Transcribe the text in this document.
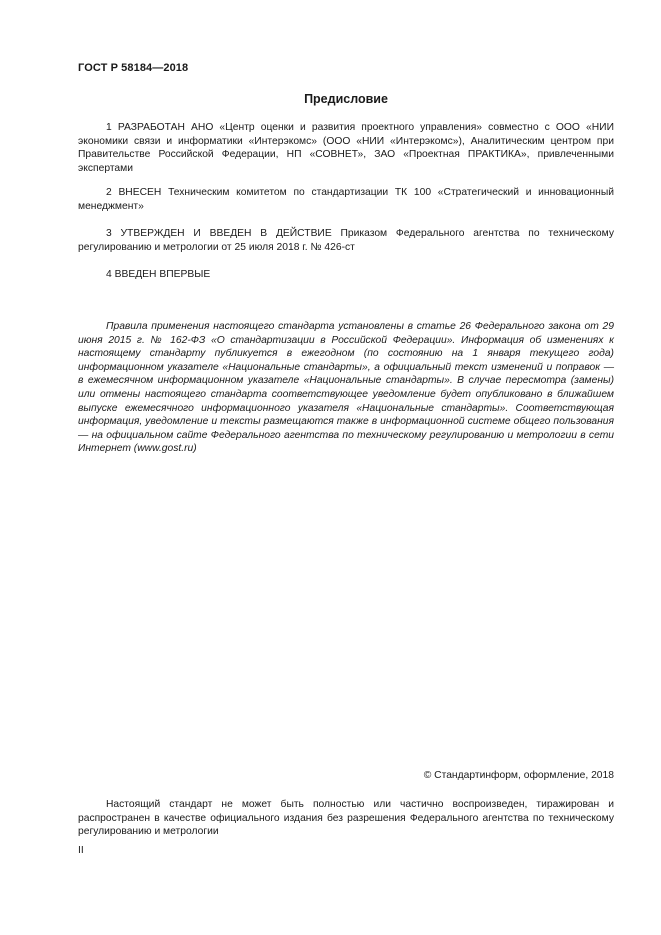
ГОСТ Р 58184—2018
Предисловие
1 РАЗРАБОТАН АНО «Центр оценки и развития проектного управления» совместно с ООО «НИИ экономики связи и информатики «Интерэкомс» (ООО «НИИ «Интерэкомс»), Аналитическим центром при Правительстве Российской Федерации, НП «СОВНЕТ», ЗАО «Проектная ПРАКТИКА», привлеченными экспертами
2 ВНЕСЕН Техническим комитетом по стандартизации ТК 100 «Стратегический и инновационный менеджмент»
3 УТВЕРЖДЕН И ВВЕДЕН В ДЕЙСТВИЕ Приказом Федерального агентства по техническому регулированию и метрологии от 25 июля 2018 г. № 426-ст
4 ВВЕДЕН ВПЕРВЫЕ
Правила применения настоящего стандарта установлены в статье 26 Федерального закона от 29 июня 2015 г. № 162-ФЗ «О стандартизации в Российской Федерации». Информация об изменениях к настоящему стандарту публикуется в ежегодном (по состоянию на 1 января текущего года) информационном указателе «Национальные стандарты», а официальный текст изменений и поправок — в ежемесячном информационном указателе «Национальные стандарты». В случае пересмотра (замены) или отмены настоящего стандарта соответствующее уведомление будет опубликовано в ближайшем выпуске ежемесячного информационного указателя «Национальные стандарты». Соответствующая информация, уведомление и тексты размещаются также в информационной системе общего пользования — на официальном сайте Федерального агентства по техническому регулированию и метрологии в сети Интернет (www.gost.ru)
© Стандартинформ, оформление, 2018
Настоящий стандарт не может быть полностью или частично воспроизведен, тиражирован и распространен в качестве официального издания без разрешения Федерального агентства по техническому регулированию и метрологии
II
